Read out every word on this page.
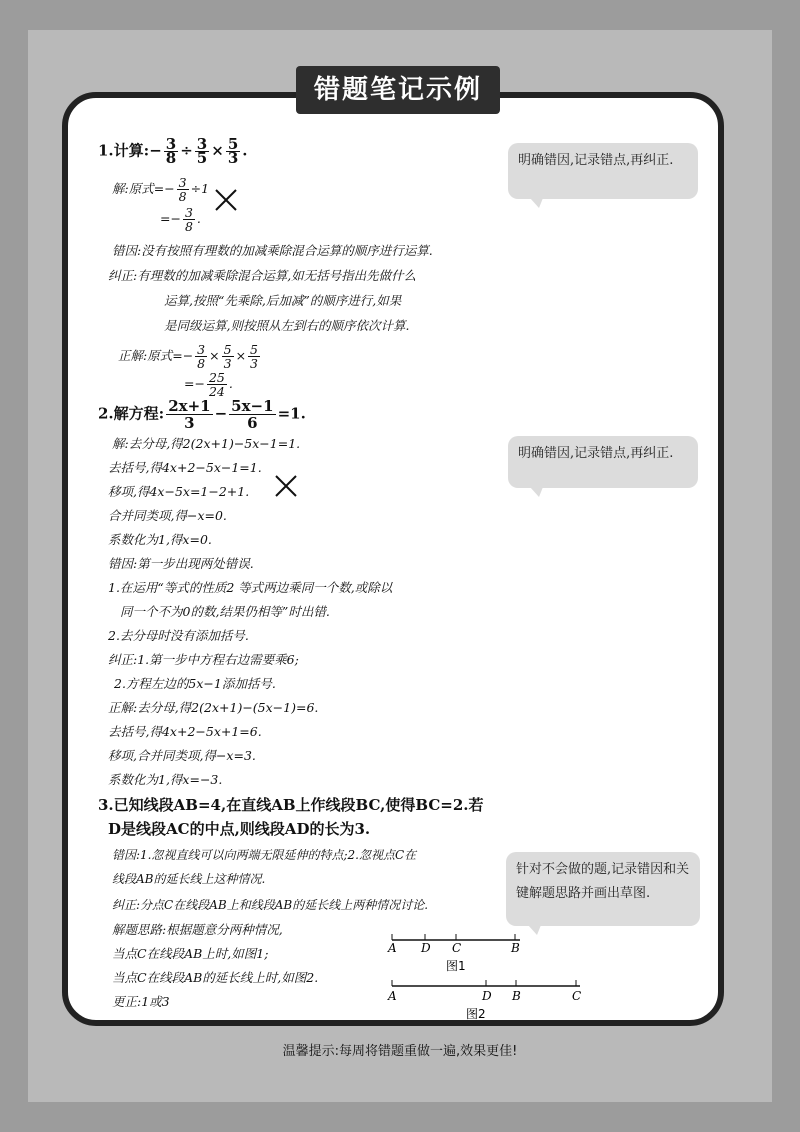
错题笔记示例
1.计算:− $\frac{3}{8} \div \frac{3}{5} \times \frac{5}{3}$ .
解:原式=− $\frac{3}{8} \div 1$
=− $\frac{3}{8}$ .
错因:没有按照有理数的加减乘除混合运算的顺序进行运算.
纠正:有理数的加减乘除混合运算,如无括号指出先做什么
运算,按照“先乘除,后加减”的顺序进行,如果
是同级运算,则按照从左到右的顺序依次计算.
正解:原式=− $\frac{3}{8} \times \frac{5}{3} \times \frac{5}{3}$
=− $\frac{25}{24}$ .
明确错因,记录错点,再纠正.
2.解方程: $\frac{2x+1}{3} - \frac{5x-1}{6} =1$.
解:去分母,得2(2x+1)−5x−1=1.
去括号,得4x+2−5x−1=1.
移项,得4x−5x=1−2+1.
合并同类项,得−x=0.
系数化为1,得x=0.
错因:第一步出现两处错误.
1.在运用“等式的性质2 等式两边乘同一个数,或除以
同一个不为0的数,结果仍相等”时出错.
2.去分母时没有添加括号.
纠正:1.第一步中方程右边需要乘6;
2.方程左边的5x−1添加括号.
正解:去分母,得2(2x+1)−(5x−1)=6.
去括号,得4x+2−5x+1=6.
移项,合并同类项,得−x=3.
系数化为1,得x=−3.
明确错因,记录错点,再纠正.
3.已知线段AB=4,在直线AB上作线段BC,使得BC=2.若
D是线段AC的中点,则线段AD的长为3.
错因:1.忽视直线可以向两端无限延伸的特点;2.忽视点C在
线段AB的延长线上这种情况.
纠正:分点C在线段AB上和线段AB的延长线上两种情况讨论.
解题思路:根据题意分两种情况,
当点C在线段AB上时,如图1;
当点C在线段AB的延长线上时,如图2.
更正:1或3
针对不会做的题,记录错因和关键解题思路并画出草图.
A D C	B
图1
A	D B	C
图2
温馨提示:每周将错题重做一遍,效果更佳!
